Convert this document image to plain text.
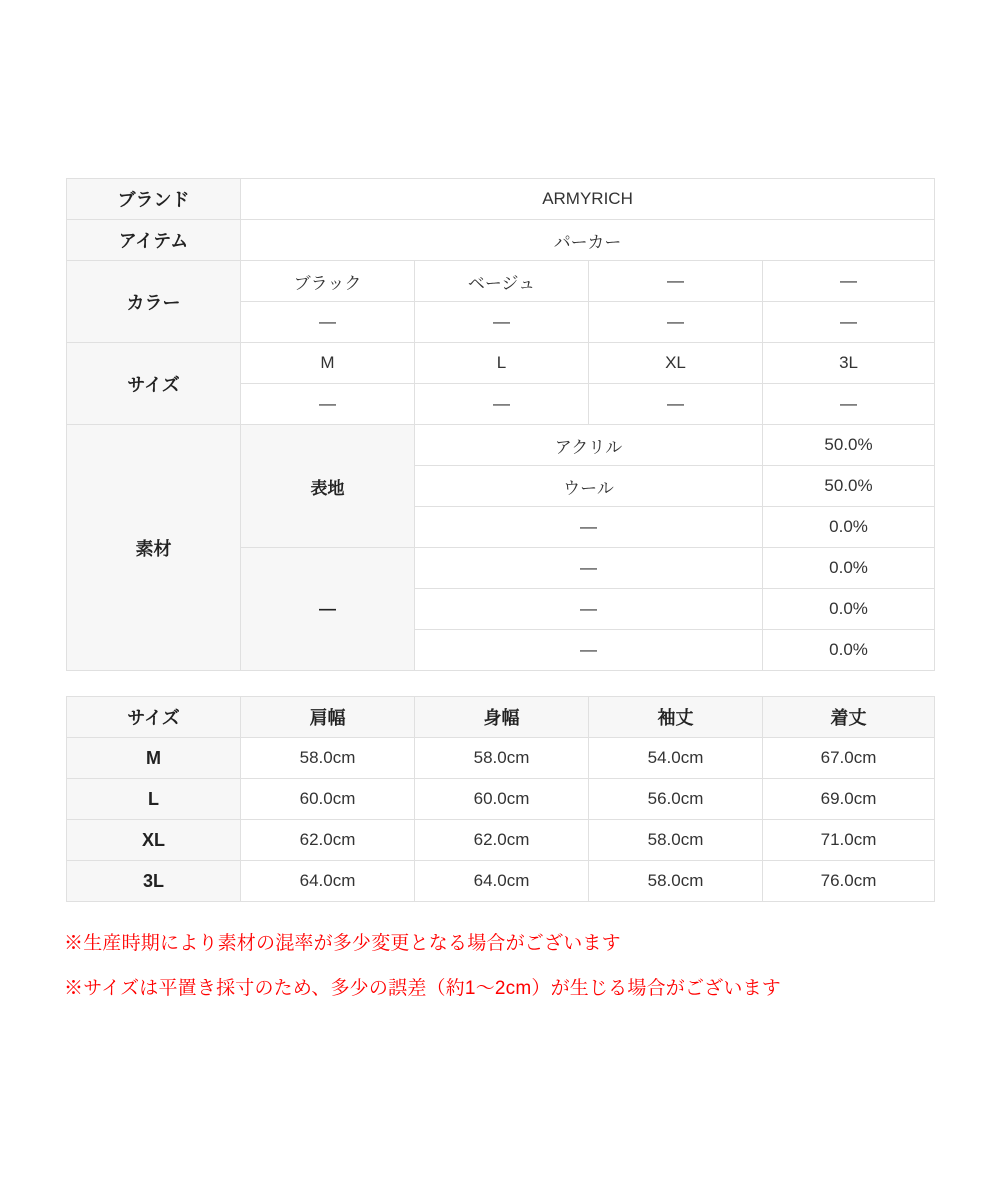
ブランド	ARMYRICH			
アイテム	パーカー			
カラー	ブラック	ベージュ	—	—
	—	—	—	—
サイズ	M	L	XL	3L
	—	—	—	—
素材	表地	アクリル		50.0%
		ウール		50.0%
		—		0.0%
	—	—		0.0%
		—		0.0%
		—		0.0%
サイズ	肩幅	身幅	袖丈	着丈
M	58.0cm	58.0cm	54.0cm	67.0cm
L	60.0cm	60.0cm	56.0cm	69.0cm
XL	62.0cm	62.0cm	58.0cm	71.0cm
3L	64.0cm	64.0cm	58.0cm	76.0cm
※生産時期により素材の混率が多少変更となる場合がございます
※サイズは平置き採寸のため、多少の誤差（約1〜2cm）が生じる場合がございます
